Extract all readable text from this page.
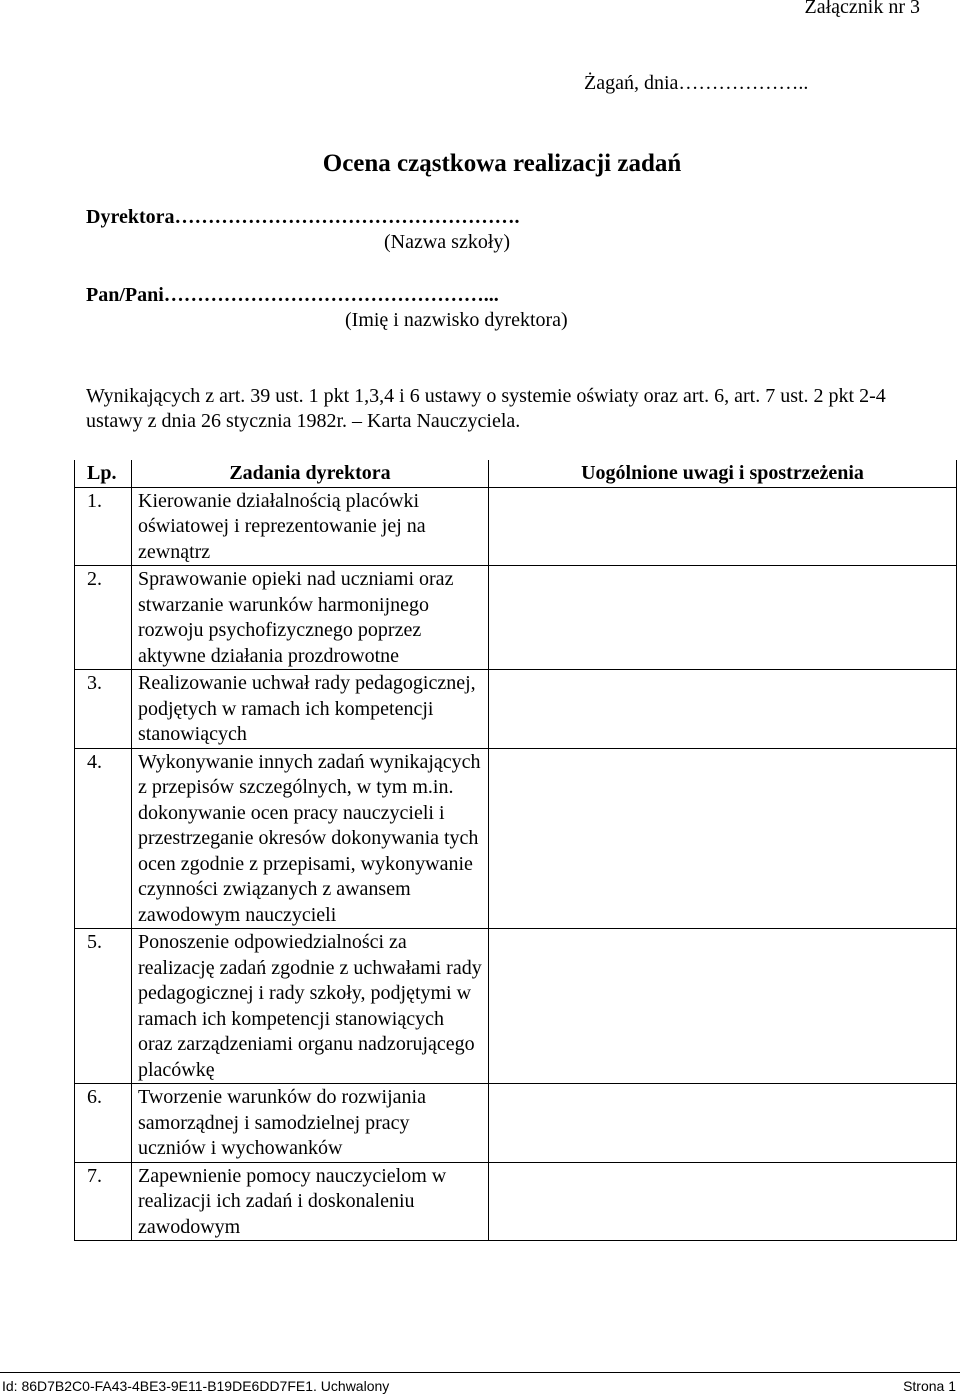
Załącznik nr 3
Żagań, dnia………………..
Ocena cząstkowa realizacji zadań
Dyrektora…………………………………………….
(Nazwa szkoły)
Pan/Pani…………………………………………...
(Imię i nazwisko dyrektora)
Wynikających z art. 39 ust. 1 pkt 1,3,4 i 6 ustawy o systemie oświaty oraz art. 6, art. 7 ust. 2 pkt 2-4 ustawy z dnia 26 stycznia 1982r. – Karta Nauczyciela.
Lp.	Zadania dyrektora	Uogólnione uwagi i spostrzeżenia
1.	Kierowanie działalnością placówki oświatowej i reprezentowanie jej na zewnątrz	
2.	Sprawowanie opieki nad uczniami oraz stwarzanie warunków harmonijnego rozwoju psychofizycznego poprzez aktywne działania prozdrowotne	
3.	Realizowanie uchwał rady pedagogicznej, podjętych w ramach ich kompetencji stanowiących	
4.	Wykonywanie innych zadań wynikających z przepisów szczególnych, w tym m.in. dokonywanie ocen pracy nauczycieli i przestrzeganie okresów dokonywania tych ocen zgodnie z przepisami, wykonywanie czynności związanych z awansem zawodowym nauczycieli	
5.	Ponoszenie odpowiedzialności za realizację zadań zgodnie z uchwałami rady pedagogicznej i rady szkoły, podjętymi w ramach ich kompetencji stanowiących oraz zarządzeniami organu nadzorującego placówkę	
6.	Tworzenie warunków do rozwijania samorządnej i samodzielnej pracy uczniów i wychowanków	
7.	Zapewnienie pomocy nauczycielom w realizacji ich zadań i doskonaleniu zawodowym	
Id: 86D7B2C0-FA43-4BE3-9E11-B19DE6DD7FE1. Uchwalony	Strona 1
